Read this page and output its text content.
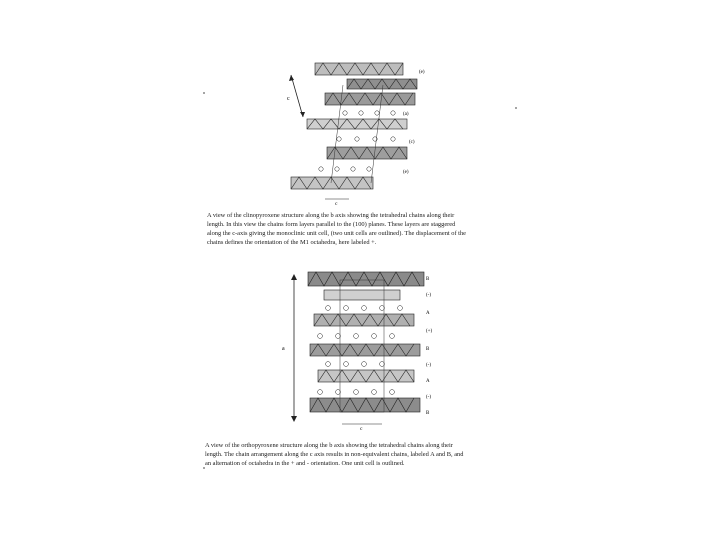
c
c
(e)
(a)
(c)
(e)
A view of the clinopyroxene structure along the b axis showing the tetrahedral chains along their
length. In this view the chains form layers parallel to the (100) planes. These layers are staggered
along the c-axis giving the monoclinic unit cell, (two unit cells are outlined). The displacement of the
chains defines the orientation of the M1 octahedra, here labeled +.
a
c
B
(-)
A
(+)
B
(-)
A
(-)
B
A view of the orthopyroxene structure along the b axis showing the tetrahedral chains along their
length. The chain arrangement along the c axis results in non-equivalent chains, labeled A and B, and
an alternation of octahedra in the + and - orientation. One unit cell is outlined.
